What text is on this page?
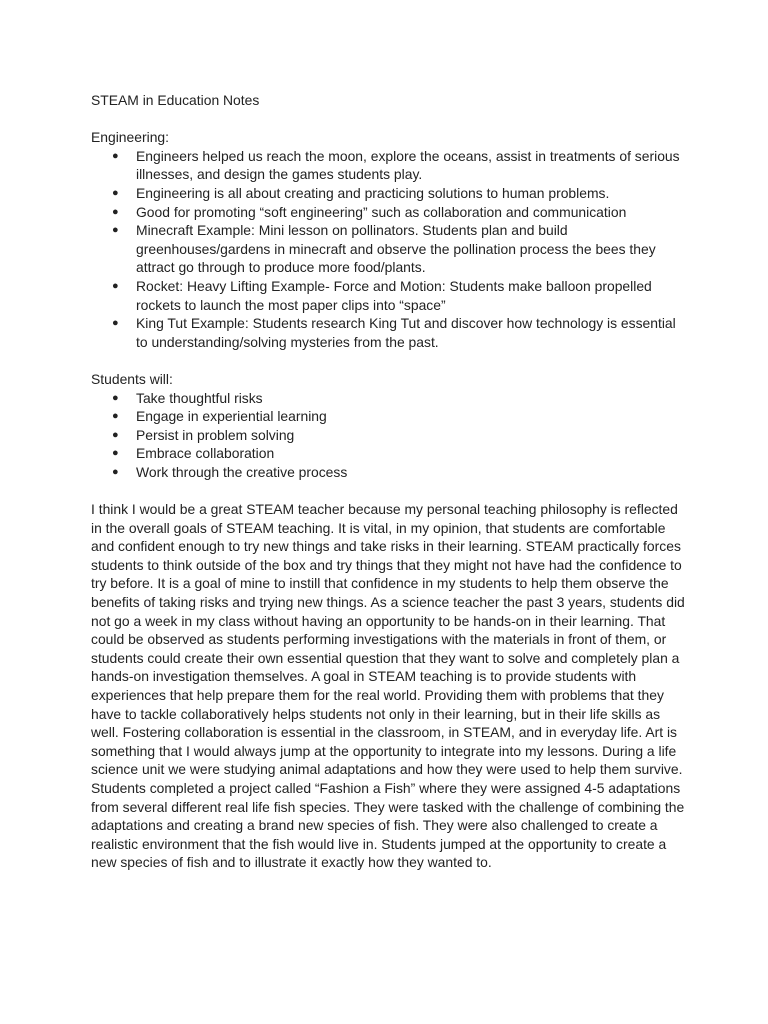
STEAM in Education Notes

Engineering:

● Engineers helped us reach the moon, explore the oceans, assist in treatments of serious illnesses, and design the games students play.
● Engineering is all about creating and practicing solutions to human problems.
● Good for promoting “soft engineering” such as collaboration and communication
● Minecraft Example: Mini lesson on pollinators. Students plan and build greenhouses/gardens in minecraft and observe the pollination process the bees they attract go through to produce more food/plants.
● Rocket: Heavy Lifting Example- Force and Motion: Students make balloon propelled rockets to launch the most paper clips into “space”
● King Tut Example: Students research King Tut and discover how technology is essential to understanding/solving mysteries from the past.

Students will:

● Take thoughtful risks
● Engage in experiential learning
● Persist in problem solving
● Embrace collaboration
● Work through the creative process

I think I would be a great STEAM teacher because my personal teaching philosophy is reflected in the overall goals of STEAM teaching. It is vital, in my opinion, that students are comfortable and confident enough to try new things and take risks in their learning. STEAM practically forces students to think outside of the box and try things that they might not have had the confidence to try before. It is a goal of mine to instill that confidence in my students to help them observe the benefits of taking risks and trying new things. As a science teacher the past 3 years, students did not go a week in my class without having an opportunity to be hands-on in their learning. That could be observed as students performing investigations with the materials in front of them, or students could create their own essential question that they want to solve and completely plan a hands-on investigation themselves. A goal in STEAM teaching is to provide students with experiences that help prepare them for the real world. Providing them with problems that they have to tackle collaboratively helps students not only in their learning, but in their life skills as well. Fostering collaboration is essential in the classroom, in STEAM, and in everyday life. Art is something that I would always jump at the opportunity to integrate into my lessons. During a life science unit we were studying animal adaptations and how they were used to help them survive. Students completed a project called “Fashion a Fish” where they were assigned 4-5 adaptations from several different real life fish species. They were tasked with the challenge of combining the adaptations and creating a brand new species of fish. They were also challenged to create a realistic environment that the fish would live in. Students jumped at the opportunity to create a new species of fish and to illustrate it exactly how they wanted to.
